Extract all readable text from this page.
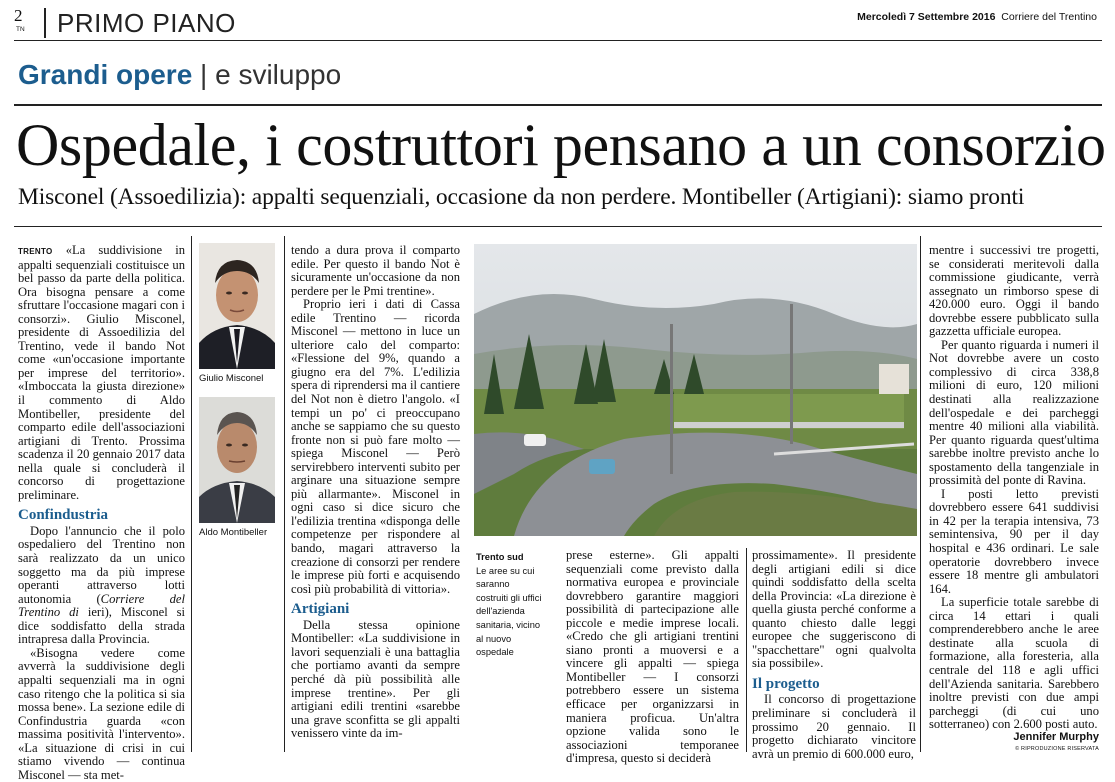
2
TN PRIMO PIANO	Mercoledì 7 Settembre 2016 Corriere del Trentino
Grandi opere | e sviluppo
Ospedale, i costruttori pensano a un consorzio
Misconel (Assoedilizia): appalti sequenziali, occasione da non perdere. Montibeller (Artigiani): siamo pronti

TRENTO «La suddivisione in appalti sequenziali costituisce un bel passo da parte della politica. Ora bisogna pensare a come sfruttare l'occasione magari con i consorzi». Giulio Misconel, presidente di Assoedilizia del Trentino, vede il bando Not come «un'occasione importante per imprese del territorio». «Imboccata la giusta direzione» il commento di Aldo Montibeller, presidente del comparto edile dell'associazioni artigiani di Trento. Prossima scadenza il 20 gennaio 2017 data nella quale si concluderà il concorso di progettazione preliminare.

Confindustria

Dopo l'annuncio che il polo ospedaliero del Trentino non sarà realizzato da un unico soggetto ma da più imprese operanti attraverso lotti autonomia (Corriere del Trentino di ieri), Misconel si dice soddisfatto della strada intrapresa dalla Provincia.

«Bisogna vedere come avverrà la suddivisione degli appalti sequenziali ma in ogni caso ritengo che la politica si sia mossa bene». La sezione edile di Confindustria guarda «con massima positività l'intervento». «La situazione di crisi in cui stiamo vivendo — continua Misconel — sta met-

Giulio Misconel
Aldo Montibeller

tendo a dura prova il comparto edile. Per questo il bando Not è sicuramente un'occasione da non perdere per le Pmi trentine».

Proprio ieri i dati di Cassa edile Trentino — ricorda Misconel — mettono in luce un ulteriore calo del comparto: «Flessione del 9%, quando a giugno era del 7%. L'edilizia spera di riprendersi ma il cantiere del Not non è dietro l'angolo. «I tempi un po' ci preoccupano anche se sappiamo che su questo fronte non si può fare molto — spiega Misconel — Però servirebbero interventi subito per arginare una situazione sempre più allarmante». Misconel in ogni caso si dice sicuro che l'edilizia trentina «disponga delle competenze per rispondere al bando, magari attraverso la creazione di consorzi per rendere le imprese più forti e acquisendo così più probabilità di vittoria».

Artigiani

Della stessa opinione Montibeller: «La suddivisione in lavori sequenziali è una battaglia che portiamo avanti da sempre perché dà più possibilità alle imprese trentine». Per gli artigiani edili trentini «sarebbe una grave sconfitta se gli appalti venissero vinte da im-

Trento sud
Le aree su cui
saranno
costruiti gli uffici
dell'azienda
sanitaria, vicino
al nuovo
ospedale

prese esterne». Gli appalti sequenziali come previsto dalla normativa europea e provinciale dovrebbero garantire maggiori possibilità di partecipazione alle piccole e medie imprese locali. «Credo che gli artigiani trentini siano pronti a muoversi e a vincere gli appalti — spiega Montibeller — I consorzi potrebbero essere un sistema efficace per organizzarsi in maniera proficua. Un'altra opzione valida sono le associazioni temporanee d'impresa, questo si deciderà

prossimamente». Il presidente degli artigiani edili si dice quindi soddisfatto della scelta della Provincia: «La direzione è quella giusta perché conforme a quanto chiesto dalle leggi europee che suggeriscono di "spacchettare" ogni qualvolta sia possibile».

Il progetto

Il concorso di progettazione preliminare si concluderà il prossimo 20 gennaio. Il progetto dichiarato vincitore avrà un premio di 600.000 euro,

mentre i successivi tre progetti, se considerati meritevoli dalla commissione giudicante, verrà assegnato un rimborso spese di 420.000 euro. Oggi il bando dovrebbe essere pubblicato sulla gazzetta ufficiale europea.

Per quanto riguarda i numeri il Not dovrebbe avere un costo complessivo di circa 338,8 milioni di euro, 120 milioni destinati alla realizzazione dell'ospedale e dei parcheggi mentre 40 milioni alla viabilità. Per quanto riguarda quest'ultima sarebbe inoltre previsto anche lo spostamento della tangenziale in prossimità del ponte di Ravina.

I posti letto previsti dovrebbero essere 641 suddivisi in 42 per la terapia intensiva, 73 semintensiva, 90 per il day hospital e 436 ordinari. Le sale operatorie dovrebbero invece essere 18 mentre gli ambulatori 164.

La superficie totale sarebbe di circa 14 ettari i quali comprenderebbero anche le aree destinate alla scuola di formazione, alla foresteria, alla centrale del 118 e agli uffici dell'Azienda sanitaria. Sarebbero inoltre previsti con due ampi parcheggi (di cui uno sotterraneo) con 2.600 posti auto.

Jennifer Murphy
© RIPRODUZIONE RISERVATA
